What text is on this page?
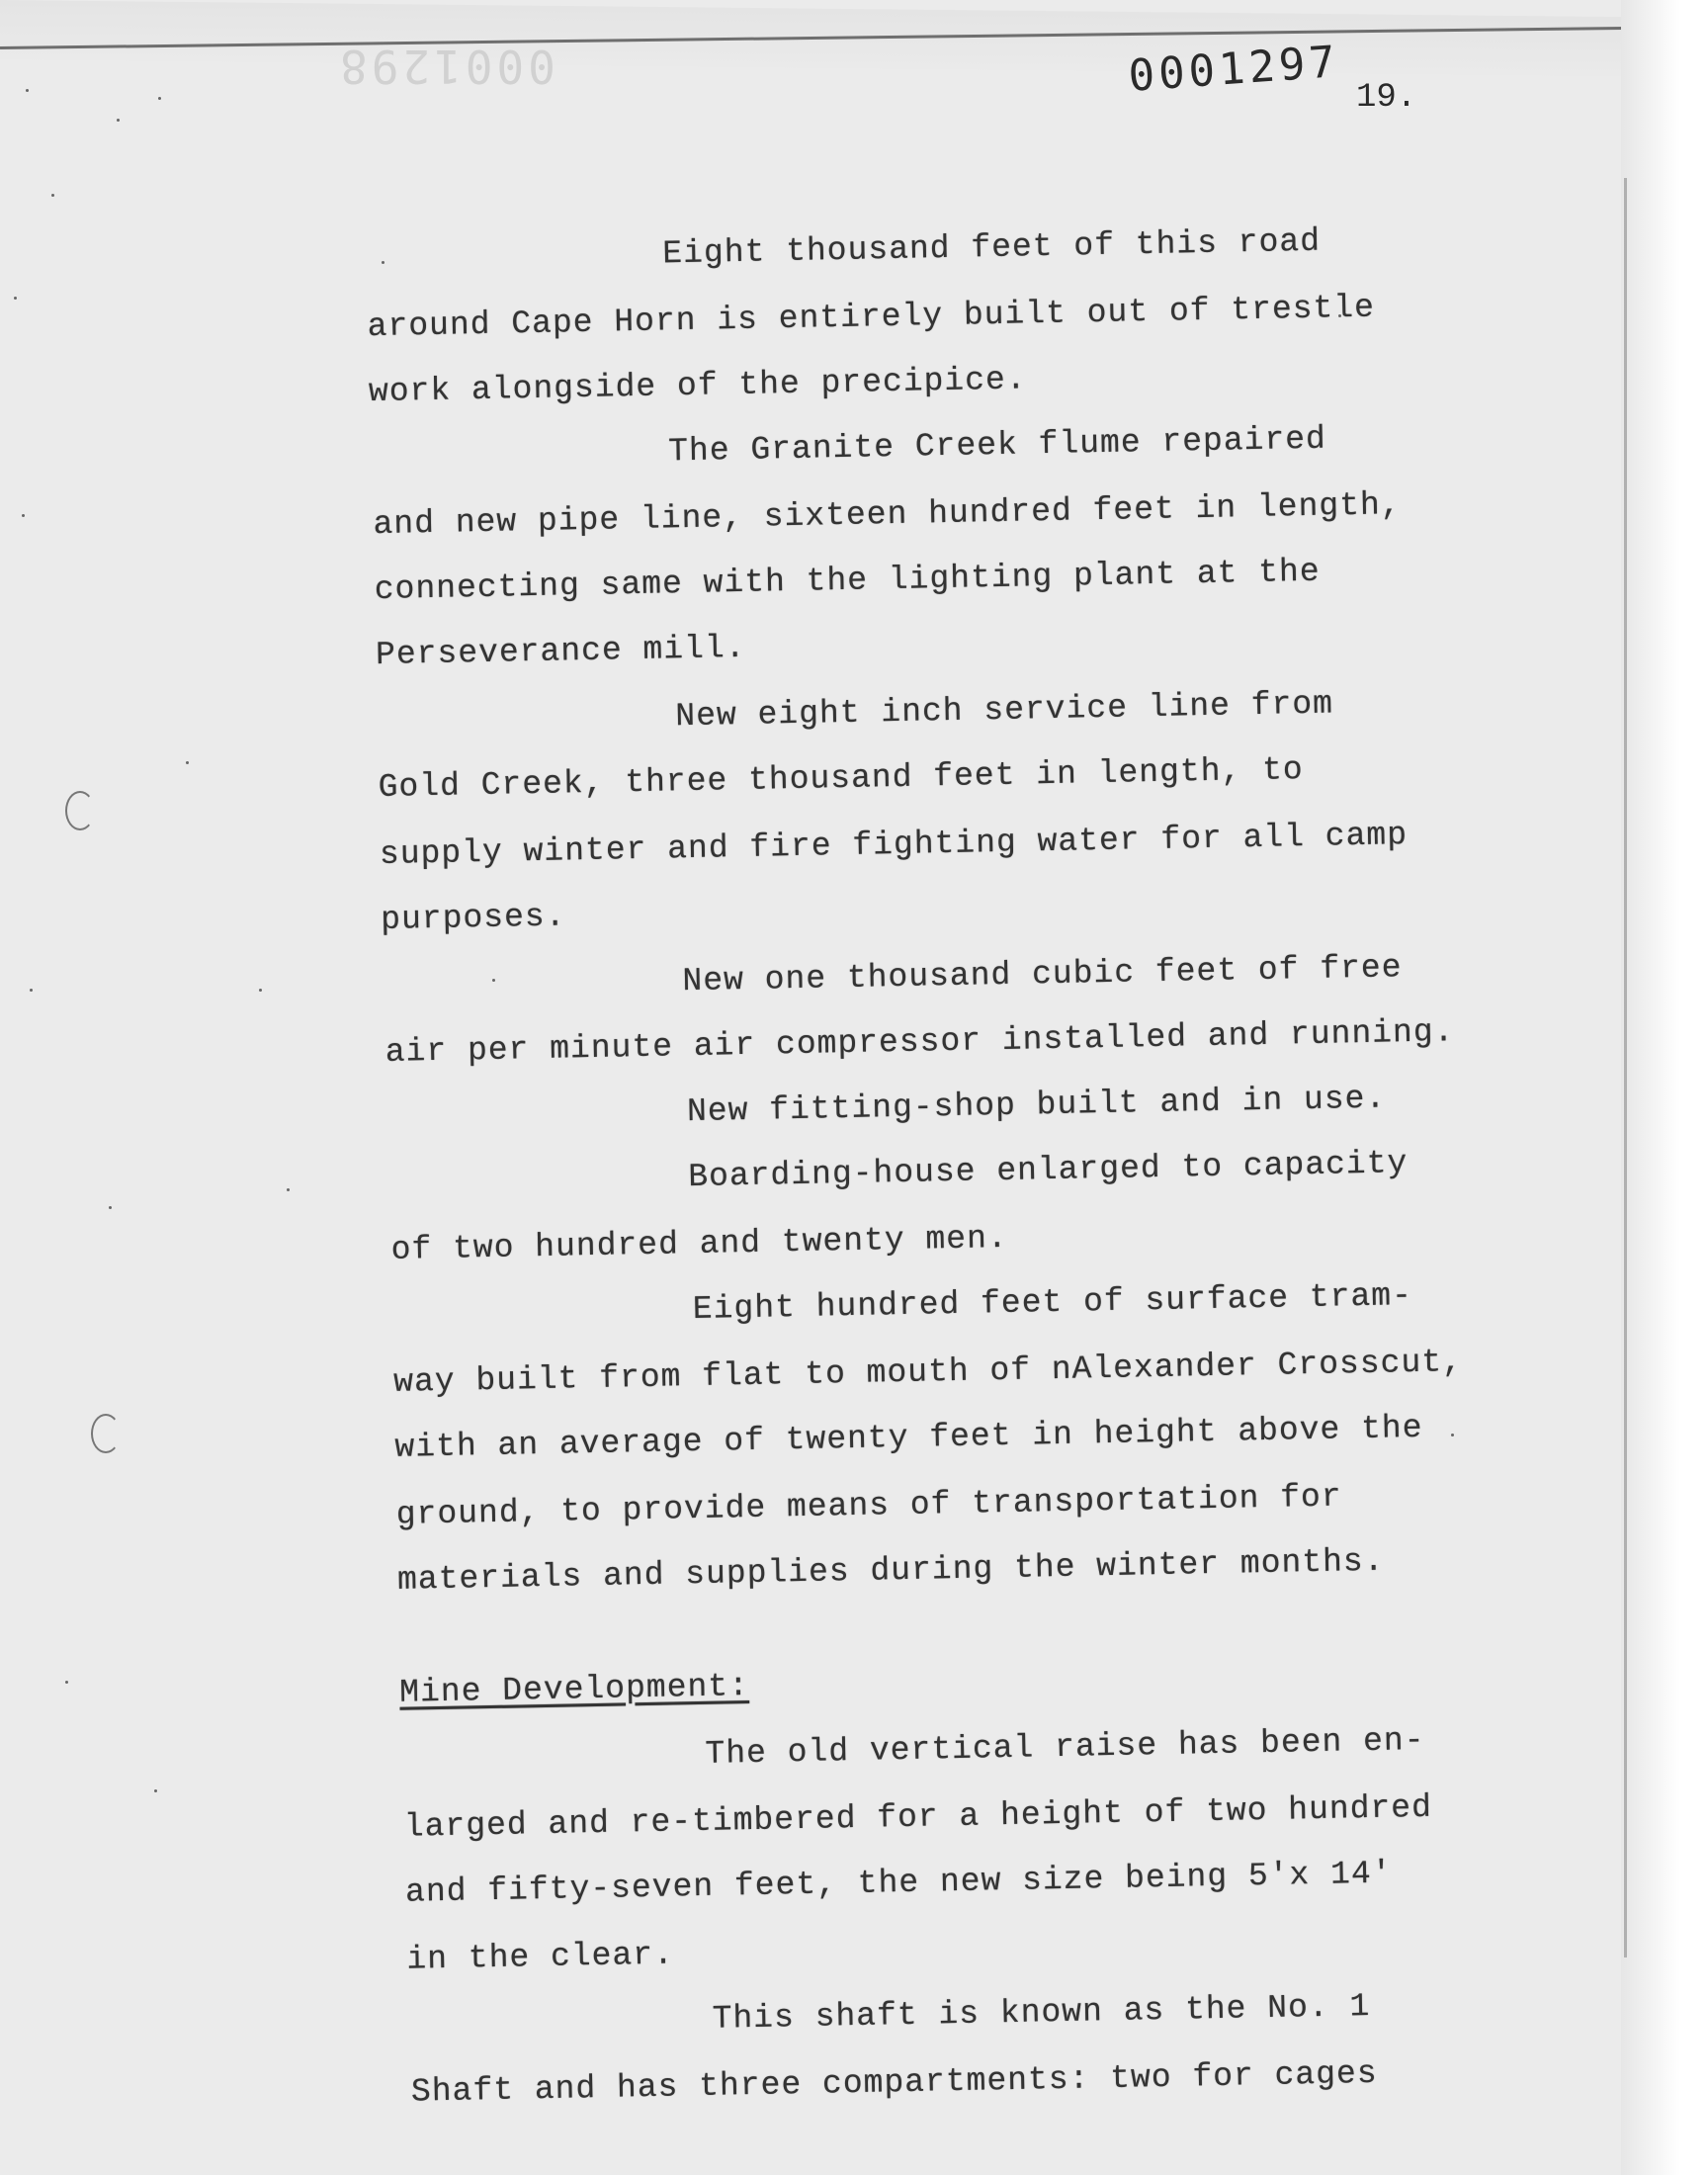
0001298	0001297 19.
Eight thousand feet of this road
around Cape Horn is entirely built out of trestle
work alongside of the precipice.
The Granite Creek flume repaired
and new pipe line, sixteen hundred feet in length,
connecting same with the lighting plant at the
Perseverance mill.
New eight inch service line from
Gold Creek, three thousand feet in length, to
supply winter and fire fighting water for all camp
purposes.
New one thousand cubic feet of free
air per minute air compressor installed and running.
New fitting-shop built and in use.
Boarding-house enlarged to capacity
of two hundred and twenty men.
Eight hundred feet of surface tram-
way built from flat to mouth of nAlexander Crosscut,
with an average of twenty feet in height above the
ground, to provide means of transportation for
materials and supplies during the winter months.
Mine Development:
The old vertical raise has been en-
larged and re-timbered for a height of two hundred
and fifty-seven feet, the new size being 5'x 14'
in the clear.
This shaft is known as the No. 1
Shaft and has three compartments: two for cages
